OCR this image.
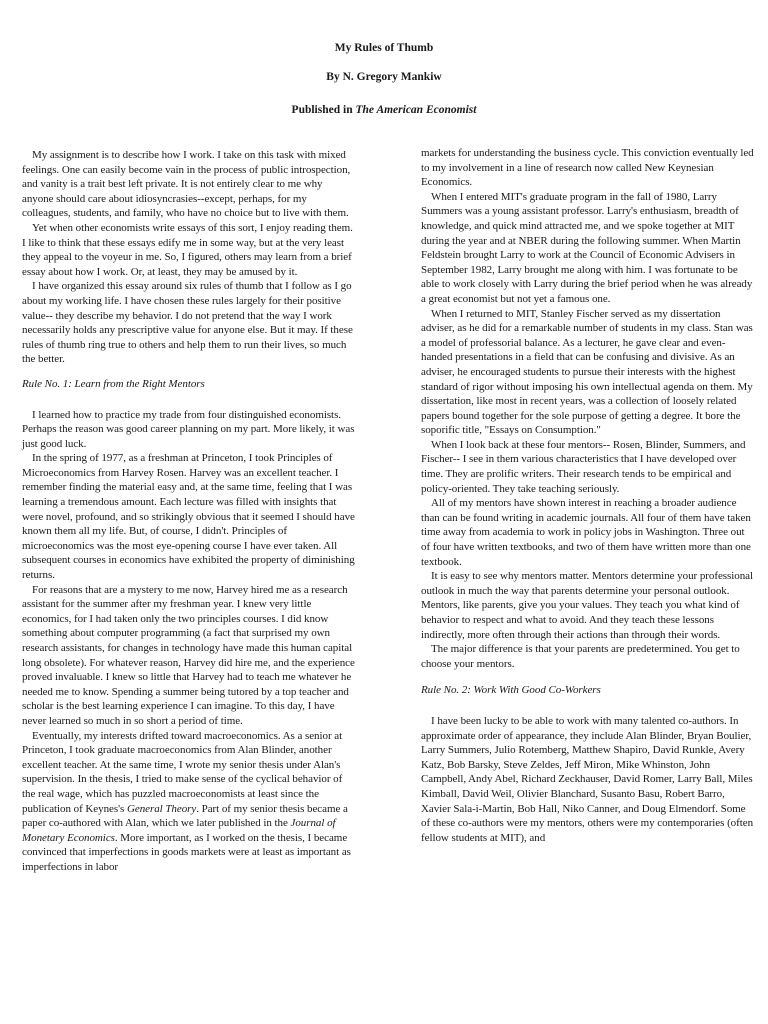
My Rules of Thumb

By N. Gregory Mankiw

Published in The American Economist

My assignment is to describe how I work. I take on this task with mixed feelings. One can easily become vain in the process of public introspection, and vanity is a trait best left private. It is not entirely clear to me why anyone should care about idiosyncrasies--except, perhaps, for my colleagues, students, and family, who have no choice but to live with them.

Yet when other economists write essays of this sort, I enjoy reading them. I like to think that these essays edify me in some way, but at the very least they appeal to the voyeur in me. So, I figured, others may learn from a brief essay about how I work. Or, at least, they may be amused by it.

I have organized this essay around six rules of thumb that I follow as I go about my working life. I have chosen these rules largely for their positive value-- they describe my behavior. I do not pretend that the way I work necessarily holds any prescriptive value for anyone else. But it may. If these rules of thumb ring true to others and help them to run their lives, so much the better.

Rule No. 1: Learn from the Right Mentors

I learned how to practice my trade from four distinguished economists. Perhaps the reason was good career planning on my part. More likely, it was just good luck.

In the spring of 1977, as a freshman at Princeton, I took Principles of Microeconomics from Harvey Rosen. Harvey was an excellent teacher. I remember finding the material easy and, at the same time, feeling that I was learning a tremendous amount. Each lecture was filled with insights that were novel, profound, and so strikingly obvious that it seemed I should have known them all my life. But, of course, I didn't. Principles of microeconomics was the most eye-opening course I have ever taken. All subsequent courses in economics have exhibited the property of diminishing returns.

For reasons that are a mystery to me now, Harvey hired me as a research assistant for the summer after my freshman year. I knew very little economics, for I had taken only the two principles courses. I did know something about computer programming (a fact that surprised my own research assistants, for changes in technology have made this human capital long obsolete). For whatever reason, Harvey did hire me, and the experience proved invaluable. I knew so little that Harvey had to teach me whatever he needed me to know. Spending a summer being tutored by a top teacher and scholar is the best learning experience I can imagine. To this day, I have never learned so much in so short a period of time.

Eventually, my interests drifted toward macroeconomics. As a senior at Princeton, I took graduate macroeconomics from Alan Blinder, another excellent teacher. At the same time, I wrote my senior thesis under Alan's supervision. In the thesis, I tried to make sense of the cyclical behavior of the real wage, which has puzzled macroeconomists at least since the publication of Keynes's General Theory. Part of my senior thesis became a paper co-authored with Alan, which we later published in the Journal of Monetary Economics. More important, as I worked on the thesis, I became convinced that imperfections in goods markets were at least as important as imperfections in labor

markets for understanding the business cycle. This conviction eventually led to my involvement in a line of research now called New Keynesian Economics.

When I entered MIT's graduate program in the fall of 1980, Larry Summers was a young assistant professor. Larry's enthusiasm, breadth of knowledge, and quick mind attracted me, and we spoke together at MIT during the year and at NBER during the following summer. When Martin Feldstein brought Larry to work at the Council of Economic Advisers in September 1982, Larry brought me along with him. I was fortunate to be able to work closely with Larry during the brief period when he was already a great economist but not yet a famous one.

When I returned to MIT, Stanley Fischer served as my dissertation adviser, as he did for a remarkable number of students in my class. Stan was a model of professorial balance. As a lecturer, he gave clear and even-handed presentations in a field that can be confusing and divisive. As an adviser, he encouraged students to pursue their interests with the highest standard of rigor without imposing his own intellectual agenda on them. My dissertation, like most in recent years, was a collection of loosely related papers bound together for the sole purpose of getting a degree. It bore the soporific title, "Essays on Consumption."

When I look back at these four mentors-- Rosen, Blinder, Summers, and Fischer-- I see in them various characteristics that I have developed over time. They are prolific writers. Their research tends to be empirical and policy-oriented. They take teaching seriously.

All of my mentors have shown interest in reaching a broader audience than can be found writing in academic journals. All four of them have taken time away from academia to work in policy jobs in Washington. Three out of four have written textbooks, and two of them have written more than one textbook.

It is easy to see why mentors matter. Mentors determine your professional outlook in much the way that parents determine your personal outlook. Mentors, like parents, give you your values. They teach you what kind of behavior to respect and what to avoid. And they teach these lessons indirectly, more often through their actions than through their words.

The major difference is that your parents are predetermined. You get to choose your mentors.

Rule No. 2: Work With Good Co-Workers

I have been lucky to be able to work with many talented co-authors. In approximate order of appearance, they include Alan Blinder, Bryan Boulier, Larry Summers, Julio Rotemberg, Matthew Shapiro, David Runkle, Avery Katz, Bob Barsky, Steve Zeldes, Jeff Miron, Mike Whinston, John Campbell, Andy Abel, Richard Zeckhauser, David Romer, Larry Ball, Miles Kimball, David Weil, Olivier Blanchard, Susanto Basu, Robert Barro, Xavier Sala-i-Martin, Bob Hall, Niko Canner, and Doug Elmendorf. Some of these co-authors were my mentors, others were my contemporaries (often fellow students at MIT), and
